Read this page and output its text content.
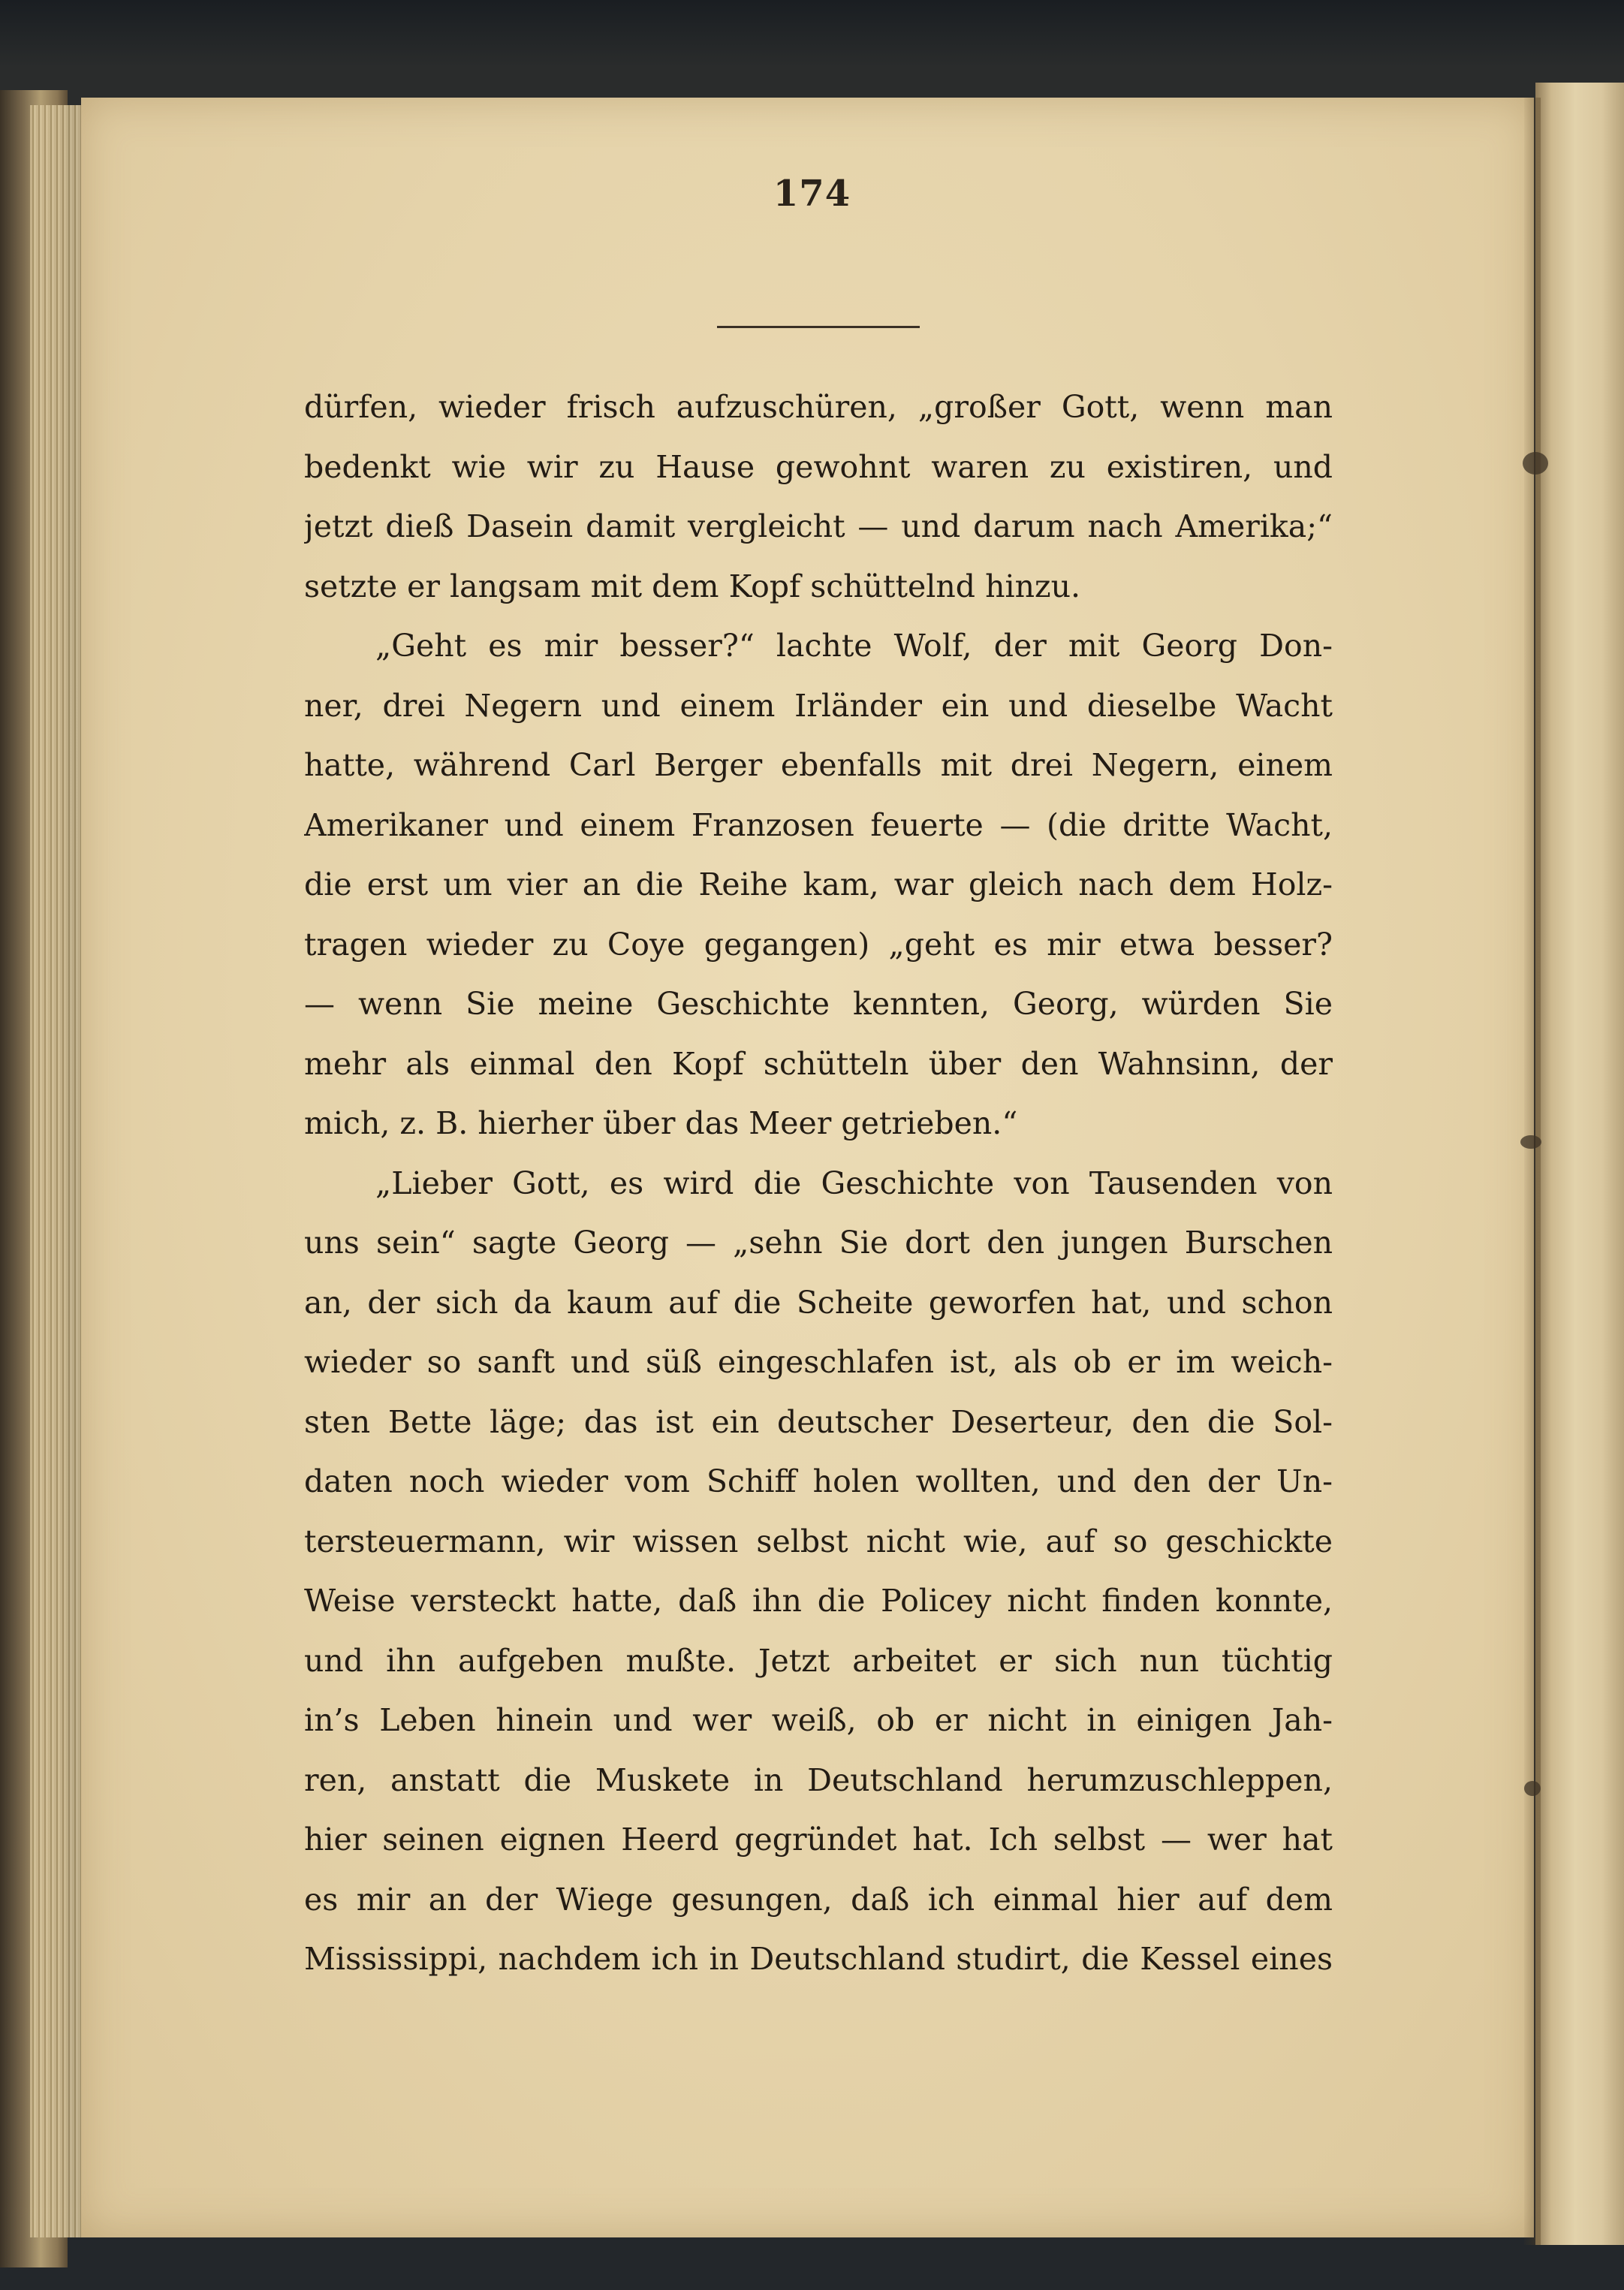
174
dürfen, wieder frisch aufzuschüren, „großer Gott, wenn man
bedenkt wie wir zu Hause gewohnt waren zu existiren, und
jetzt dieß Dasein damit vergleicht — und darum nach Amerika;“
setzte er langsam mit dem Kopf schüttelnd hinzu.
„Geht es mir besser?“ lachte Wolf, der mit Georg Don-
ner, drei Negern und einem Irländer ein und dieselbe Wacht
hatte, während Carl Berger ebenfalls mit drei Negern, einem
Amerikaner und einem Franzosen feuerte — (die dritte Wacht,
die erst um vier an die Reihe kam, war gleich nach dem Holz-
tragen wieder zu Coye gegangen) „geht es mir etwa besser?
— wenn Sie meine Geschichte kennten, Georg, würden Sie
mehr als einmal den Kopf schütteln über den Wahnsinn, der
mich, z. B. hierher über das Meer getrieben.“
„Lieber Gott, es wird die Geschichte von Tausenden von
uns sein“ sagte Georg — „sehn Sie dort den jungen Burschen
an, der sich da kaum auf die Scheite geworfen hat, und schon
wieder so sanft und süß eingeschlafen ist, als ob er im weich-
sten Bette läge; das ist ein deutscher Deserteur, den die Sol-
daten noch wieder vom Schiff holen wollten, und den der Un-
tersteuermann, wir wissen selbst nicht wie, auf so geschickte
Weise versteckt hatte, daß ihn die Policey nicht finden konnte,
und ihn aufgeben mußte. Jetzt arbeitet er sich nun tüchtig
in’s Leben hinein und wer weiß, ob er nicht in einigen Jah-
ren, anstatt die Muskete in Deutschland herumzuschleppen,
hier seinen eignen Heerd gegründet hat. Ich selbst — wer hat
es mir an der Wiege gesungen, daß ich einmal hier auf dem
Mississippi, nachdem ich in Deutschland studirt, die Kessel eines
